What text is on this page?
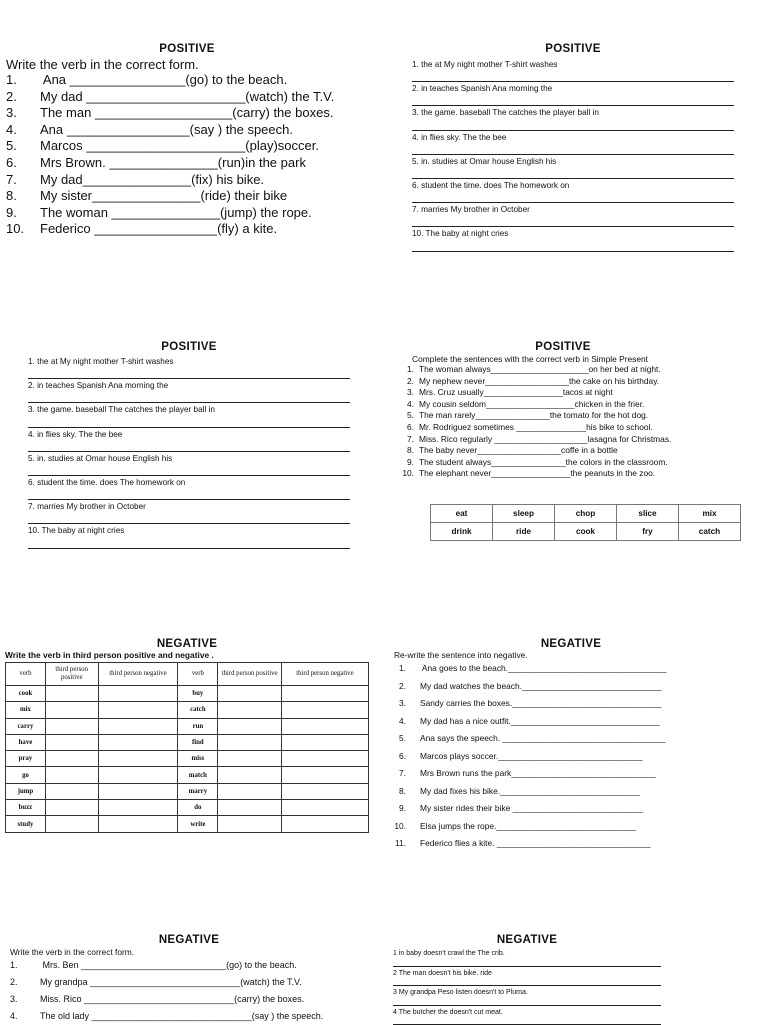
POSITIVE
Write the verb in the correct form.
1. Ana ________________(go) to the beach.
2. My dad ______________________(watch) the T.V.
3. The man ___________________(carry) the boxes.
4. Ana _________________(say ) the speech.
5. Marcos ______________________(play)soccer.
6. Mrs Brown. _______________(run)in the park
7. My dad_______________(fix) his bike.
8. My sister_______________(ride) their bike
9. The woman _______________(jump) the rope.
10. Federico _________________(fly) a kite.
POSITIVE
1. the at My night mother T-shirt washes
2. in teaches Spanish Ana morning the
3. the game. baseball The catches the player ball in
4. in flies sky. The the bee
5. in. studies at Omar house English his
6. student the time. does The homework on
7. marries My brother in October
10. The baby at night cries
POSITIVE
1. the at My night mother T-shirt washes
2. in teaches Spanish Ana morning the
3. the game. baseball The catches the player ball in
4. in flies sky. The the bee
5. in. studies at Omar house English his
6. student the time. does The homework on
7. marries My brother in October
10. The baby at night cries
POSITIVE
Complete the sentences with the correct verb in Simple Present
1. The woman always_____________________on her bed at night.
2. My nephew never__________________the cake on his birthday.
3. Mrs. Cruz usually_________________tacos at night
4. My cousin seldom___________________chicken in the frier.
5. The man rarely________________the tomato for the hot dog.
6. Mr. Rodriguez sometimes _______________his bike to school.
7. Miss. Rico regularly ____________________lasagna for Christmas.
8. The baby never__________________coffe in a bottle
9. The student always________________the colors in the classroom.
10. The elephant never_________________the peanuts in the zoo.
eat	sleep	chop	slice	mix
drink	ride	cook	fry	catch
NEGATIVE
Write the verb in third person positive and negative .
verb	third person positive	third person negative	verb	third person positive	third person negative
cook			buy		
mix			catch		
carry			run		
have			find		
pray			miss		
go			match		
jump			marry		
buzz			do		
study			write		
NEGATIVE
Re-write the sentence into negative.
1. Ana goes to the beach.__________________________________
2. My dad watches the beach.______________________________
3. Sandy carries the boxes.________________________________
4. My dad has a nice outfit.________________________________
5. Ana says the speech. ___________________________________
6. Marcos plays soccer._______________________________
7. Mrs Brown runs the park_______________________________
8. My dad fixes his bike.______________________________
9. My sister rides their bike ____________________________
10. Elsa jumps the rope.______________________________
11. Federico flies a kite. _________________________________
NEGATIVE
Write the verb in the correct form.
1. Mrs. Ben _____________________________(go) to the beach.
2. My grandpa ______________________________(watch) the T.V.
3. Miss. Rico ______________________________(carry) the boxes.
4. The old lady ________________________________(say ) the speech.
NEGATIVE
1 in baby doesn't crawl the The crib.
2 The man doesn't his bike. ride
3 My grandpa Peso listen doesn't to Pluma.
4 The butcher the doesn't cut meat.
